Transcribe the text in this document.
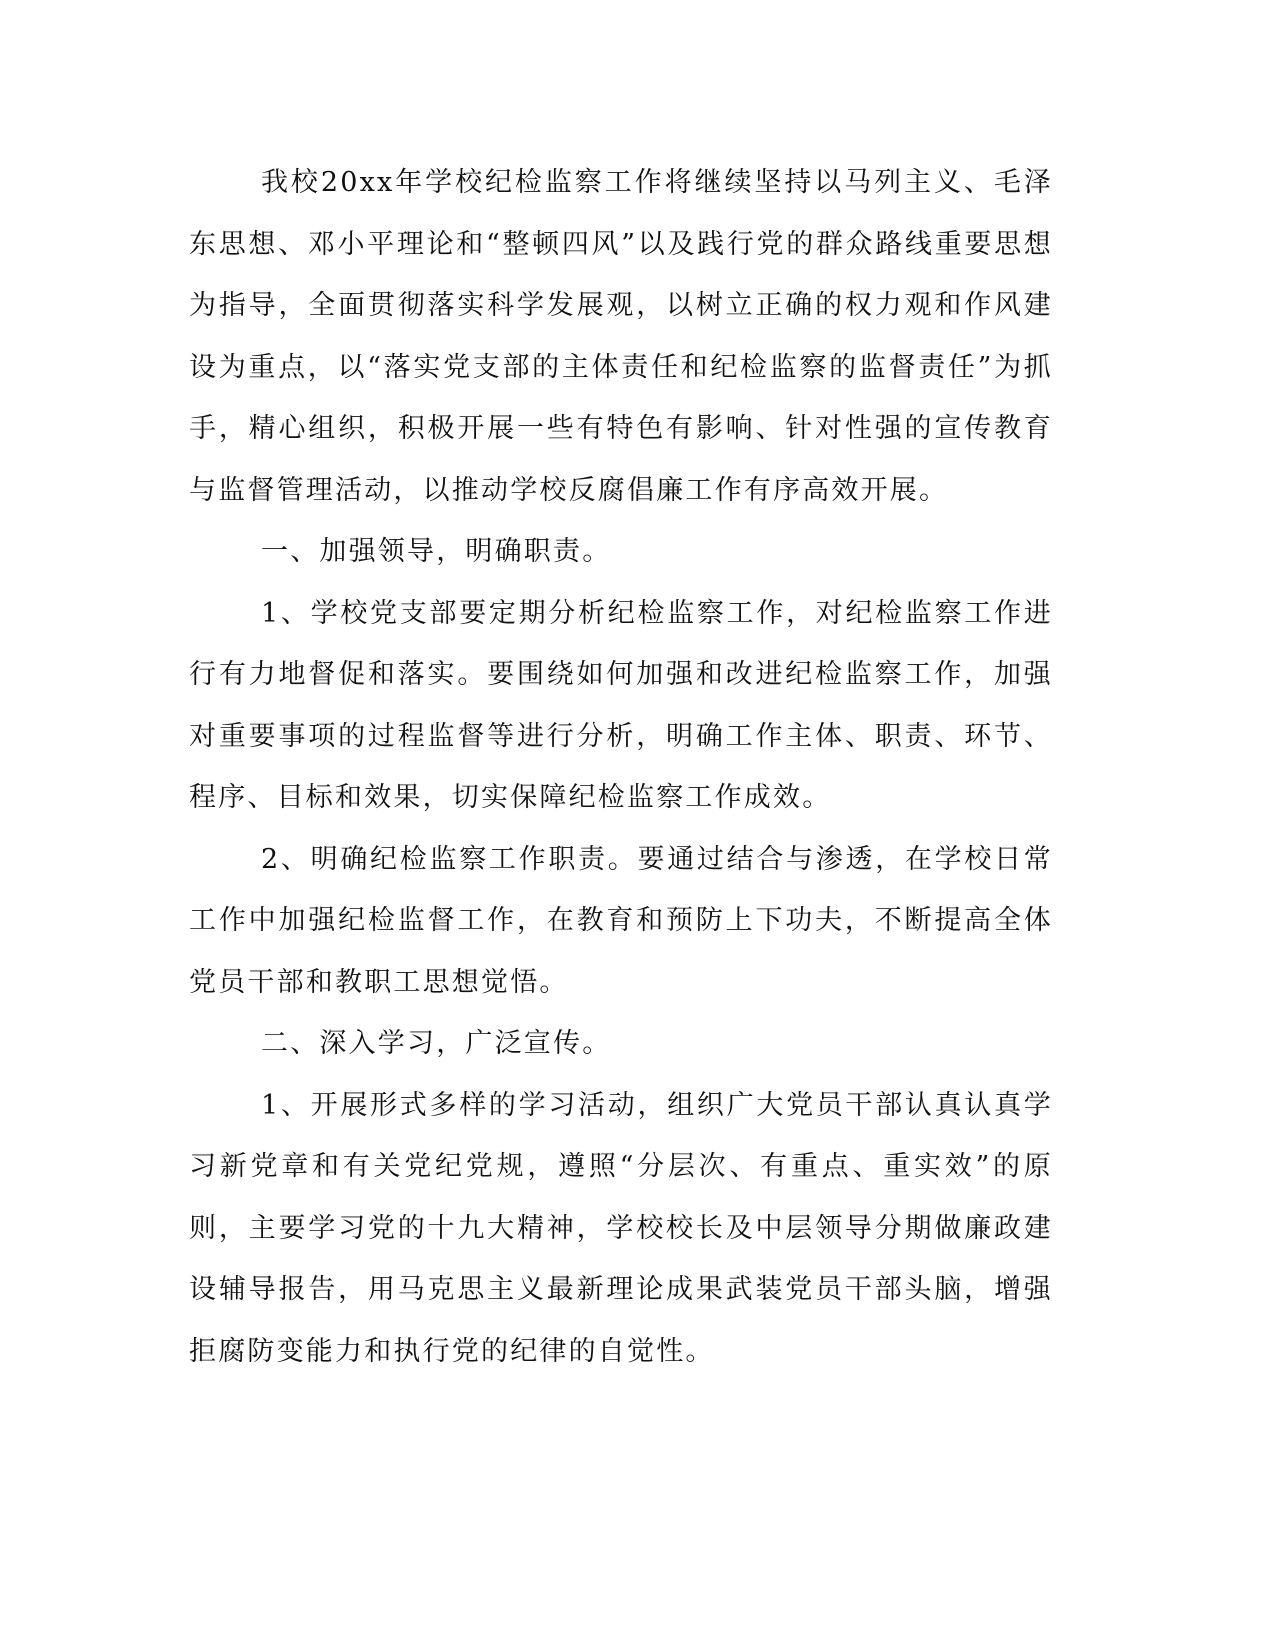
我校20xx年学校纪检监察工作将继续坚持以马列主义、毛泽东思想、邓小平理论和“整顿四风”以及践行党的群众路线重要思想为指导，全面贯彻落实科学发展观，以树立正确的权力观和作风建设为重点，以“落实党支部的主体责任和纪检监察的监督责任”为抓手，精心组织，积极开展一些有特色有影响、针对性强的宣传教育与监督管理活动，以推动学校反腐倡廉工作有序高效开展。

一、加强领导，明确职责。

1、学校党支部要定期分析纪检监察工作，对纪检监察工作进行有力地督促和落实。要围绕如何加强和改进纪检监察工作，加强对重要事项的过程监督等进行分析，明确工作主体、职责、环节、程序、目标和效果，切实保障纪检监察工作成效。

2、明确纪检监察工作职责。要通过结合与渗透，在学校日常工作中加强纪检监督工作，在教育和预防上下功夫，不断提高全体党员干部和教职工思想觉悟。

二、深入学习，广泛宣传。

1、开展形式多样的学习活动，组织广大党员干部认真认真学习新党章和有关党纪党规，遵照“分层次、有重点、重实效”的原则，主要学习党的十九大精神，学校校长及中层领导分期做廉政建设辅导报告，用马克思主义最新理论成果武装党员干部头脑，增强拒腐防变能力和执行党的纪律的自觉性。
